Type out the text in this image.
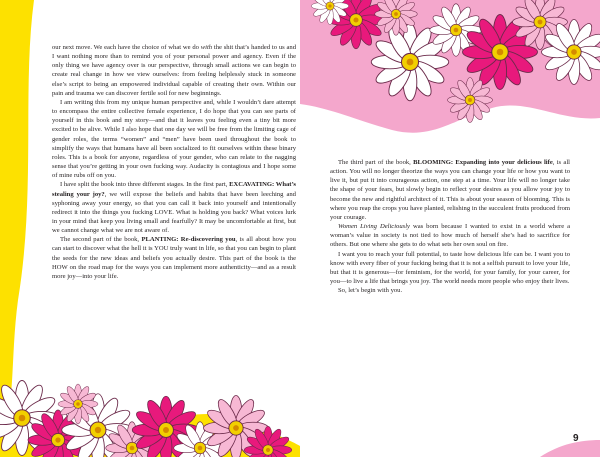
our next move. We each have the choice of what we do with the shit that’s handed to us and I want nothing more than to remind you of your personal power and agency. Even if the only thing we have agency over is our perspective, through small actions we can begin to create real change in how we view ourselves: from feeling helplessly stuck in someone else’s script to being an empowered individual capable of creating their own. Within our pain and trauma we can discover fertile soil for new beginnings.

I am writing this from my unique human perspective and, while I wouldn’t dare attempt to encompass the entire collective female experience, I do hope that you can see parts of yourself in this book and my story—and that it leaves you feeling even a tiny bit more excited to be alive. While I also hope that one day we will be free from the limiting cage of gender roles, the terms “women” and “men” have been used throughout the book to simplify the ways that humans have all been socialized to fit ourselves within these binary roles. This is a book for anyone, regardless of your gender, who can relate to the nagging sense that you’re getting in your own fucking way. Audacity is contagious and I hope some of mine rubs off on you.

I have split the book into three different stages. In the first part, EXCAVATING: What’s stealing your joy?, we will expose the beliefs and habits that have been leeching and syphoning away your energy, so that you can call it back into yourself and intentionally redirect it into the things you fucking LOVE. What is holding you back? What voices lurk in your mind that keep you living small and fearfully? It may be uncomfortable at first, but we cannot change what we are not aware of.

The second part of the book, PLANTING: Re-discovering you, is all about how you can start to discover what the hell it is YOU truly want in life, so that you can begin to plant the seeds for the new ideas and beliefs you actually desire. This part of the book is the HOW on the road map for the ways you can implement more authenticity—and as a result more joy—into your life.

The third part of the book, BLOOMING: Expanding into your delicious life, is all action. You will no longer theorize the ways you can change your life or how you want to live it, but put it into courageous action, one step at a time. Your life will no longer take the shape of your fears, but slowly begin to reflect your desires as you allow your joy to become the new and rightful architect of it. This is about your season of blooming. This is where you reap the crops you have planted, relishing in the succulent fruits produced from your courage.

Women Living Deliciously was born because I wanted to exist in a world where a woman’s value in society is not tied to how much of herself she’s had to sacrifice for others. But one where she gets to do what sets her own soul on fire.

I want you to reach your full potential, to taste how delicious life can be. I want you to know with every fiber of your fucking being that it is not a selfish pursuit to love your life, but that it is generous—for feminism, for the world, for your family, for your career, for you—to live a life that brings you joy. The world needs more people who enjoy their lives.

So, let’s begin with you.

9
